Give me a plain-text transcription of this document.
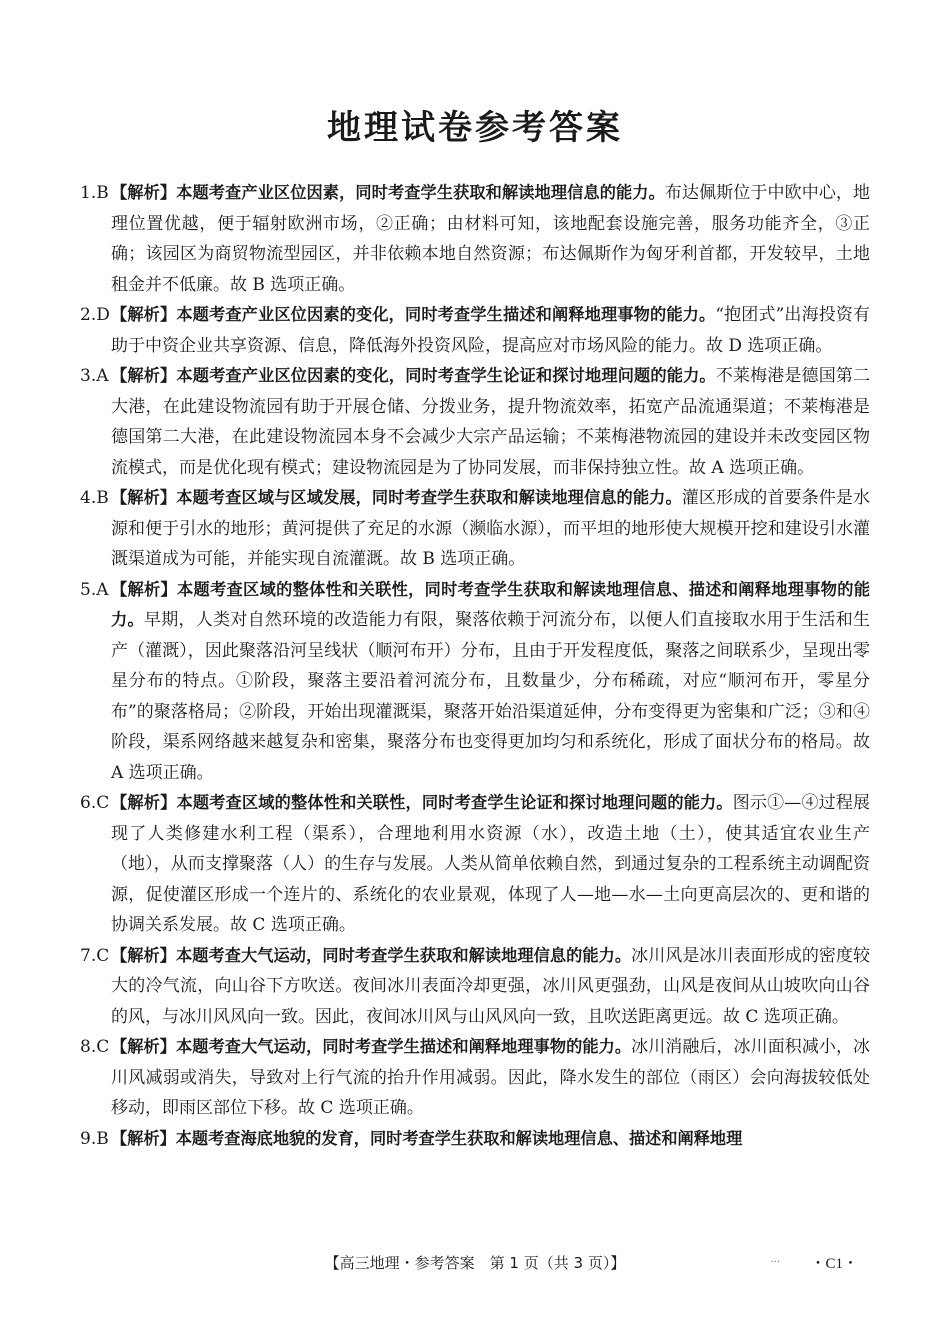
地理试卷参考答案
1.B 【解析】本题考查产业区位因素，同时考查学生获取和解读地理信息的能力。布达佩斯位于中欧中心，地理位置优越，便于辐射欧洲市场，②正确；由材料可知，该地配套设施完善，服务功能齐全，③正确；该园区为商贸物流型园区，并非依赖本地自然资源；布达佩斯作为匈牙利首都，开发较早，土地租金并不低廉。故 B 选项正确。
2.D 【解析】本题考查产业区位因素的变化，同时考查学生描述和阐释地理事物的能力。“抱团式”出海投资有助于中资企业共享资源、信息，降低海外投资风险，提高应对市场风险的能力。故 D 选项正确。
3.A 【解析】本题考查产业区位因素的变化，同时考查学生论证和探讨地理问题的能力。不莱梅港是德国第二大港，在此建设物流园有助于开展仓储、分拨业务，提升物流效率，拓宽产品流通渠道；不莱梅港是德国第二大港，在此建设物流园本身不会减少大宗产品运输；不莱梅港物流园的建设并未改变园区物流模式，而是优化现有模式；建设物流园是为了协同发展，而非保持独立性。故 A 选项正确。
4.B 【解析】本题考查区域与区域发展，同时考查学生获取和解读地理信息的能力。灌区形成的首要条件是水源和便于引水的地形；黄河提供了充足的水源（濒临水源），而平坦的地形使大规模开挖和建设引水灌溉渠道成为可能，并能实现自流灌溉。故 B 选项正确。
5.A 【解析】本题考查区域的整体性和关联性，同时考查学生获取和解读地理信息、描述和阐释地理事物的能力。早期，人类对自然环境的改造能力有限，聚落依赖于河流分布，以便人们直接取水用于生活和生产（灌溉），因此聚落沿河呈线状（顺河布开）分布，且由于开发程度低，聚落之间联系少，呈现出零星分布的特点。①阶段，聚落主要沿着河流分布，且数量少，分布稀疏，对应“顺河布开，零星分布”的聚落格局；②阶段，开始出现灌溉渠，聚落开始沿渠道延伸，分布变得更为密集和广泛；③和④阶段，渠系网络越来越复杂和密集，聚落分布也变得更加均匀和系统化，形成了面状分布的格局。故 A 选项正确。
6.C 【解析】本题考查区域的整体性和关联性，同时考查学生论证和探讨地理问题的能力。图示①—④过程展现了人类修建水利工程（渠系），合理地利用水资源（水），改造土地（土），使其适宜农业生产（地），从而支撑聚落（人）的生存与发展。人类从简单依赖自然，到通过复杂的工程系统主动调配资源，促使灌区形成一个连片的、系统化的农业景观，体现了人—地—水—土向更高层次的、更和谐的协调关系发展。故 C 选项正确。
7.C 【解析】本题考查大气运动，同时考查学生获取和解读地理信息的能力。冰川风是冰川表面形成的密度较大的冷气流，向山谷下方吹送。夜间冰川表面冷却更强，冰川风更强劲，山风是夜间从山坡吹向山谷的风，与冰川风风向一致。因此，夜间冰川风与山风风向一致，且吹送距离更远。故 C 选项正确。
8.C 【解析】本题考查大气运动，同时考查学生描述和阐释地理事物的能力。冰川消融后，冰川面积减小，冰川风减弱或消失，导致对上行气流的抬升作用减弱。因此，降水发生的部位（雨区）会向海拔较低处移动，即雨区部位下移。故 C 选项正确。
9.B 【解析】本题考查海底地貌的发育，同时考查学生获取和解读地理信息、描述和阐释地理
【高三地理・参考答案　第 1 页（共 3 页）】	... ・C1・
